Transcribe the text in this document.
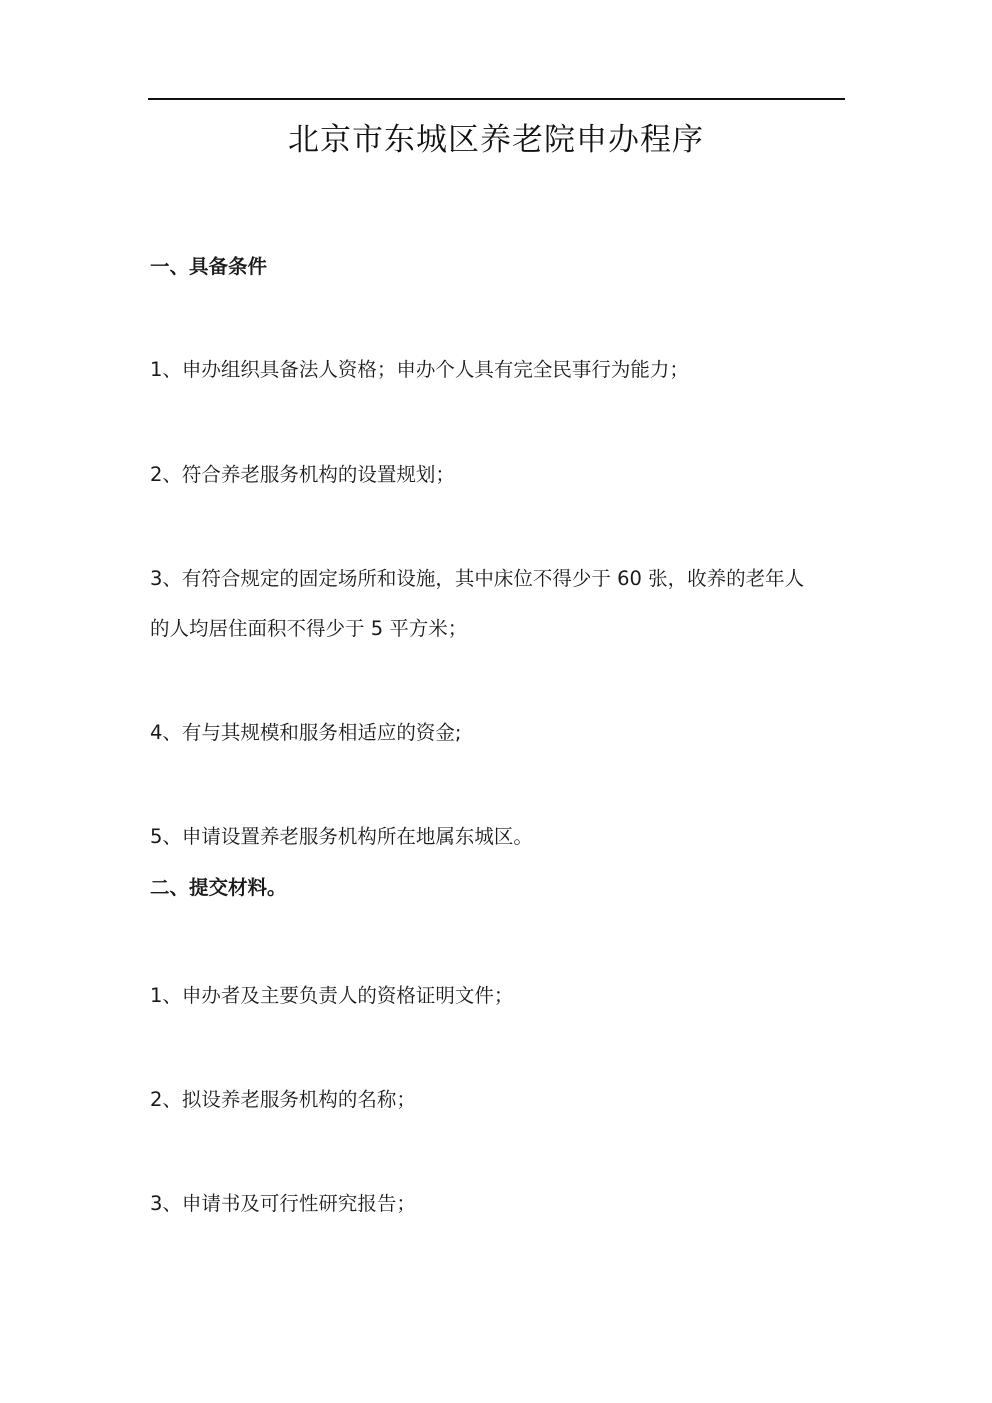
北京市东城区养老院申办程序
一、具备条件
1、申办组织具备法人资格；申办个人具有完全民事行为能力；
2、符合养老服务机构的设置规划；
3、有符合规定的固定场所和设施，其中床位不得少于 60 张，收养的老年人
的人均居住面积不得少于 5 平方米；
4、有与其规模和服务相适应的资金;
5、申请设置养老服务机构所在地属东城区。
二、提交材料。
1、申办者及主要负责人的资格证明文件；
2、拟设养老服务机构的名称；
3、申请书及可行性研究报告；
